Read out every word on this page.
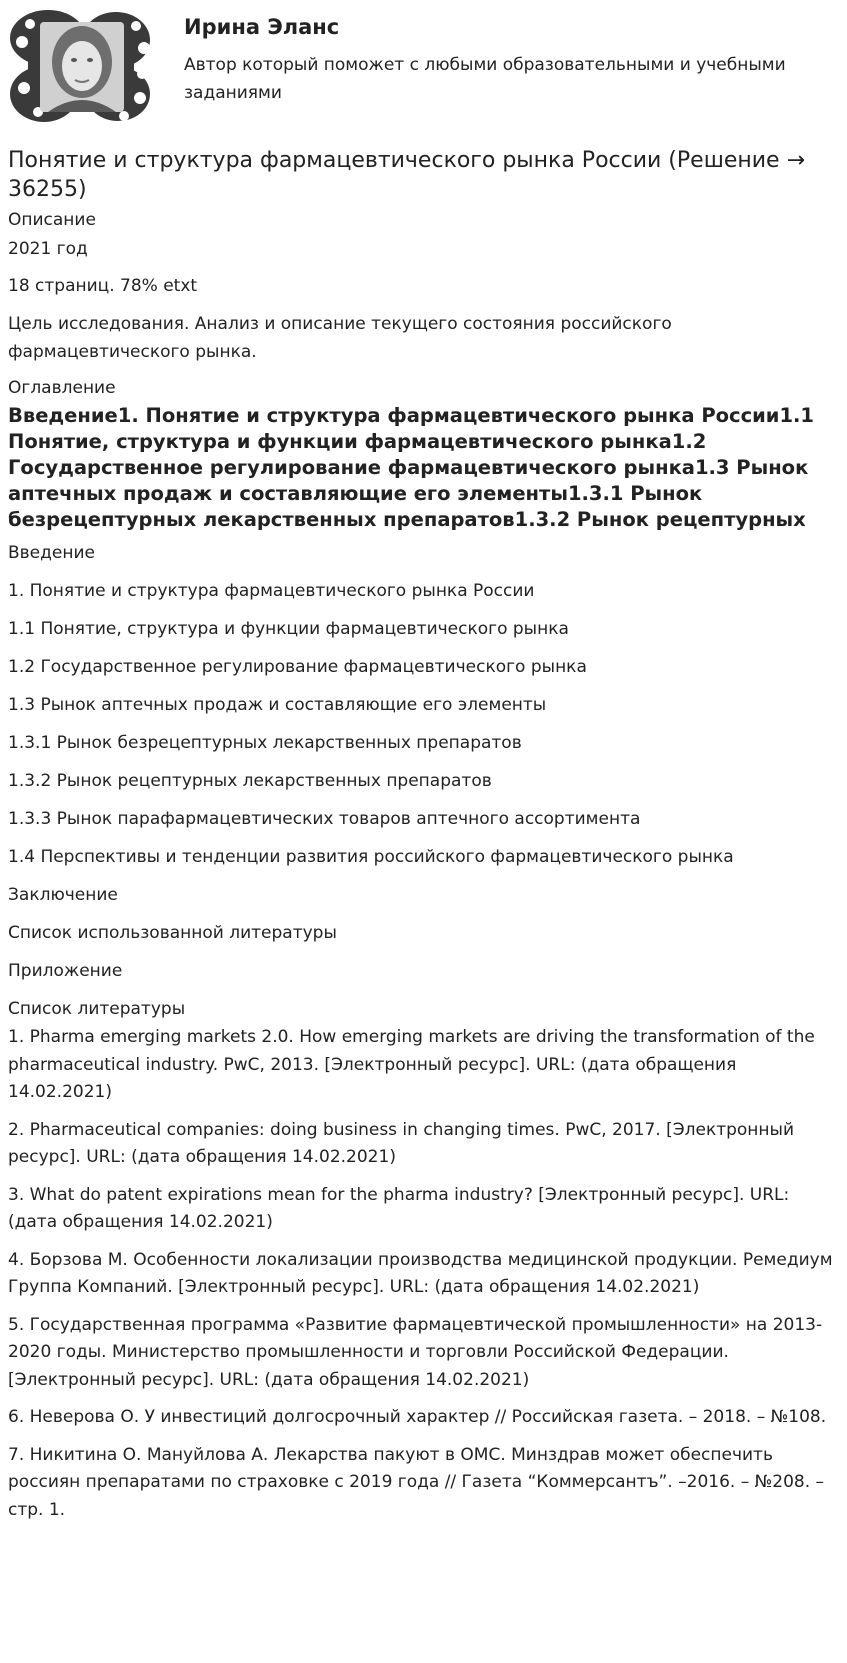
Ирина Эланс
Автор который поможет с любыми образовательными и учебными заданиями
Понятие и структура фармацевтического рынка России (Решение → 36255)
Описание
2021 год
18 страниц. 78% etxt
Цель исследования. Анализ и описание текущего состояния российского фармацевтического рынка.
Оглавление
Введение1. Понятие и структура фармацевтического рынка России1.1 Понятие, структура и функции фармацевтического рынка1.2 Государственное регулирование фармацевтического рынка1.3 Рынок аптечных продаж и составляющие его элементы1.3.1 Рынок безрецептурных лекарственных препаратов1.3.2 Рынок рецептурных
Введение
1. Понятие и структура фармацевтического рынка России
1.1 Понятие, структура и функции фармацевтического рынка
1.2 Государственное регулирование фармацевтического рынка
1.3 Рынок аптечных продаж и составляющие его элементы
1.3.1 Рынок безрецептурных лекарственных препаратов
1.3.2 Рынок рецептурных лекарственных препаратов
1.3.3 Рынок парафармацевтических товаров аптечного ассортимента
1.4 Перспективы и тенденции развития российского фармацевтического рынка
Заключение
Список использованной литературы
Приложение
Список литературы
1. Pharma emerging markets 2.0. How emerging markets are driving the transformation of the pharmaceutical industry. PwC, 2013. [Электронный ресурс]. URL: (дата обращения 14.02.2021)
2. Pharmaceutical companies: doing business in changing times. PwC, 2017. [Электронный ресурс]. URL: (дата обращения 14.02.2021)
3. What do patent expirations mean for the pharma industry? [Электронный ресурс]. URL: (дата обращения 14.02.2021)
4. Борзова М. Особенности локализации производства медицинской продукции. Ремедиум Группа Компаний. [Электронный ресурс]. URL: (дата обращения 14.02.2021)
5. Государственная программа «Развитие фармацевтической промышленности» на 2013- 2020 годы. Министерство промышленности и торговли Российской Федерации. [Электронный ресурс]. URL: (дата обращения 14.02.2021)
6. Неверова О. У инвестиций долгосрочный характер // Российская газета. – 2018. – №108.
7. Никитина О. Мануйлова А. Лекарства пакуют в ОМС. Минздрав может обеспечить россиян препаратами по страховке с 2019 года // Газета “Коммерсантъ”. –2016. – №208. – стр. 1.
